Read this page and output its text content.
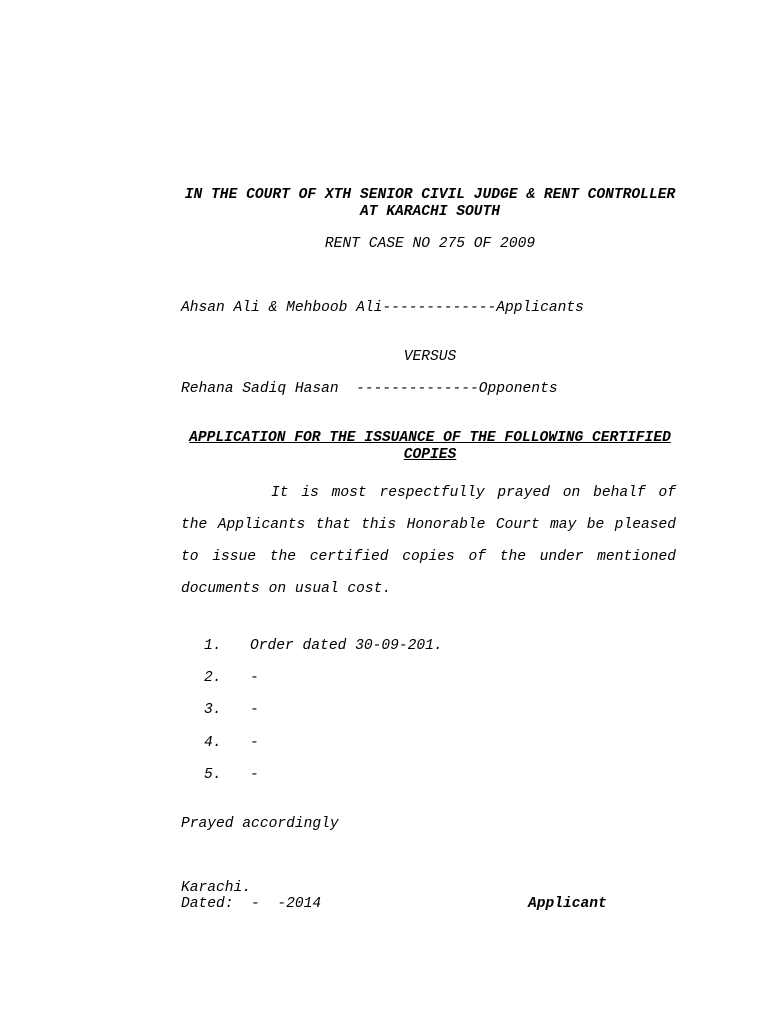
IN THE COURT OF XTH SENIOR CIVIL JUDGE & RENT CONTROLLER AT KARACHI SOUTH
RENT CASE NO 275 OF 2009
Ahsan Ali & Mehboob Ali-------------Applicants
VERSUS
Rehana Sadiq Hasan  --------------Opponents
APPLICATION FOR THE ISSUANCE OF THE FOLLOWING CERTIFIED COPIES
It is most respectfully prayed on behalf of the Applicants that this Honorable Court may be pleased to issue the certified copies of the under mentioned documents on usual cost.
1. Order dated 30-09-201.
2. -
3. -
4. -
5. -
Prayed accordingly
Karachi.
Dated:  -  -2014	Applicant
